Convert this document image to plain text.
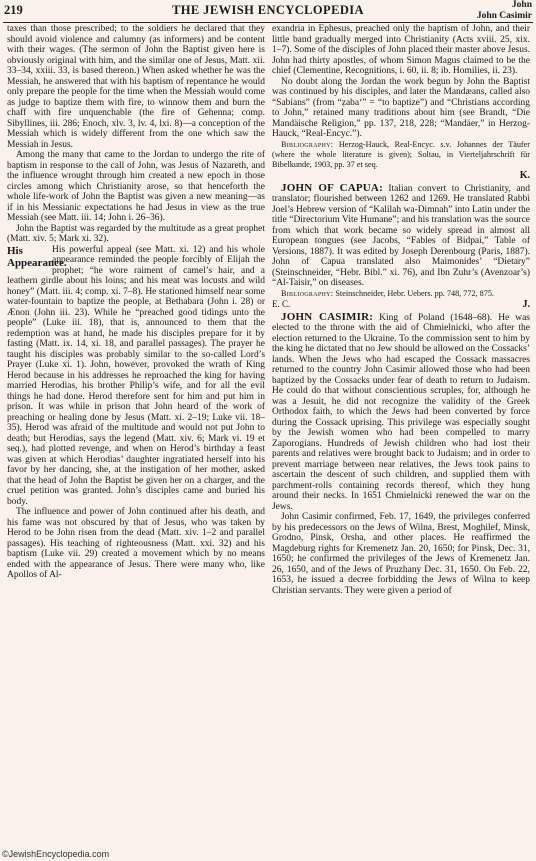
219	THE JEWISH ENCYCLOPEDIA	John
John Casimir

taxes than those prescribed; to the soldiers he declared that they should avoid violence and calumny (as informers) and be content with their wages. (The sermon of John the Baptist given here is obviously original with him, and the similar one of Jesus, Matt. xii. 33–34, xxiii. 33, is based thereon.) When asked whether he was the Messiah, he answered that with his baptism of repentance he would only prepare the people for the time when the Messiah would come as judge to baptize them with fire, to winnow them and burn the chaff with fire unquenchable (the fire of Gehenna; comp. Sibyllines, iii. 286; Enoch, xlv. 3, lv. 4, lxi. 8)—a conception of the Messiah which is widely different from the one which saw the Messiah in Jesus.

Among the many that came to the Jordan to undergo the rite of baptism in response to the call of John, was Jesus of Nazareth, and the influence wrought through him created a new epoch in those circles among which Christianity arose, so that henceforth the whole life-work of John the Baptist was given a new meaning—as if in his Messianic expectations he had Jesus in view as the true Messiah (see Matt. iii. 14; John i. 26–36).

John the Baptist was regarded by the multitude as a great prophet (Matt. xiv. 5; Mark xi. 32).

His Appearance.

His powerful appeal (see Matt. xi. 12) and his whole appearance reminded the people forcibly of Elijah the prophet; “he wore raiment of camel’s hair, and a leathern girdle about his loins; and his meat was locusts and wild honey” (Matt. iii. 4; comp. xi. 7–8). He stationed himself near some water-fountain to baptize the people, at Bethabara (John i. 28) or Ænon (John iii. 23). While he “preached good tidings unto the people” (Luke iii. 18), that is, announced to them that the redemption was at hand, he made his disciples prepare for it by fasting (Matt. ix. 14, xi. 18, and parallel passages). The prayer he taught his disciples was probably similar to the so-called Lord’s Prayer (Luke xi. 1). John, however, provoked the wrath of King Herod because in his addresses he reproached the king for having married Herodias, his brother Philip’s wife, and for all the evil things he had done. Herod therefore sent for him and put him in prison. It was while in prison that John heard of the work of preaching or healing done by Jesus (Matt. xi. 2–19; Luke vii. 18–35). Herod was afraid of the multitude and would not put John to death; but Herodias, says the legend (Matt. xiv. 6; Mark vi. 19 et seq.), had plotted revenge, and when on Herod’s birthday a feast was given at which Herodias’ daughter ingratiated herself into his favor by her dancing, she, at the instigation of her mother, asked that the head of John the Baptist be given her on a charger, and the cruel petition was granted. John’s disciples came and buried his body.

The influence and power of John continued after his death, and his fame was not obscured by that of Jesus, who was taken by Herod to be John risen from the dead (Matt. xiv. 1–2 and parallel passages). His teaching of righteousness (Matt. xxi. 32) and his baptism (Luke vii. 29) created a movement which by no means ended with the appearance of Jesus. There were many who, like Apollos of Al-

exandria in Ephesus, preached only the baptism of John, and their little band gradually merged into Christianity (Acts xviii. 25, xix. 1–7). Some of the disciples of John placed their master above Jesus. John had thirty apostles, of whom Simon Magus claimed to be the chief (Clementine, Recognitions, i. 60, ii. 8; ib. Homilies, ii. 23).

No doubt along the Jordan the work begun by John the Baptist was continued by his disciples, and later the Mandæans, called also “Sabians” (from “ẓaba‘” = “to baptize”) and “Christians according to John,” retained many traditions about him (see Brandt, “Die Mandäische Religion,” pp. 137, 218, 228; “Mandäer,” in Herzog-Hauck, “Real-Encyc.”).

Bibliography: Herzog-Hauck, Real-Encyc. s.v. Johannes der Täufer (where the whole literature is given); Soltau, in Vierteljahrschrift für Bibelkunde, 1903, pp. 37 et seq.

K.

JOHN OF CAPUA: Italian convert to Christianity, and translator; flourished between 1262 and 1269. He translated Rabbi Joel’s Hebrew version of “Kalilah wa-Dimnah” into Latin under the title “Directorium Vite Humane”; and his translation was the source from which that work became so widely spread in almost all European tongues (see Jacobs, “Fables of Bidpai,” Table of Versions, 1887). It was edited by Joseph Derenbourg (Paris, 1887). John of Capua translated also Maimonides’ “Dietary” (Steinschneider, “Hebr. Bibl.” xi. 76), and Ibn Zuhr’s (Avenzoar’s) “Al-Taisir,” on diseases.

Bibliography: Steinschneider, Hebr. Uebers. pp. 748, 772, 875.

E. C.	J.

JOHN CASIMIR: King of Poland (1648–68). He was elected to the throne with the aid of Chmielnicki, who after the election returned to the Ukraine. To the commission sent to him by the king he dictated that no Jew should be allowed on the Cossacks’ lands. When the Jews who had escaped the Cossack massacres returned to the country John Casimir allowed those who had been baptized by the Cossacks under fear of death to return to Judaism. He could do that without conscientious scruples, for, although he was a Jesuit, he did not recognize the validity of the Greek Orthodox faith, to which the Jews had been converted by force during the Cossack uprising. This privilege was especially sought by the Jewish women who had been compelled to marry Zaporogians. Hundreds of Jewish children who had lost their parents and relatives were brought back to Judaism; and in order to prevent marriage between near relatives, the Jews took pains to ascertain the descent of such children, and supplied them with parchment-rolls containing records thereof, which they hung around their necks. In 1651 Chmielnicki renewed the war on the Jews.

John Casimir confirmed, Feb. 17, 1649, the privileges conferred by his predecessors on the Jews of Wilna, Brest, Moghilef, Minsk, Grodno, Pinsk, Orsha, and other places. He reaffirmed the Magdeburg rights for Kremenetz Jan. 20, 1650; for Pinsk, Dec. 31, 1650; he confirmed the privileges of the Jews of Kremenetz Jan. 26, 1650, and of the Jews of Pruzhany Dec. 31, 1650. On Feb. 22, 1653, he issued a decree forbidding the Jews of Wilna to keep Christian servants. They were given a period of

©JewishEncyclopedia.com
